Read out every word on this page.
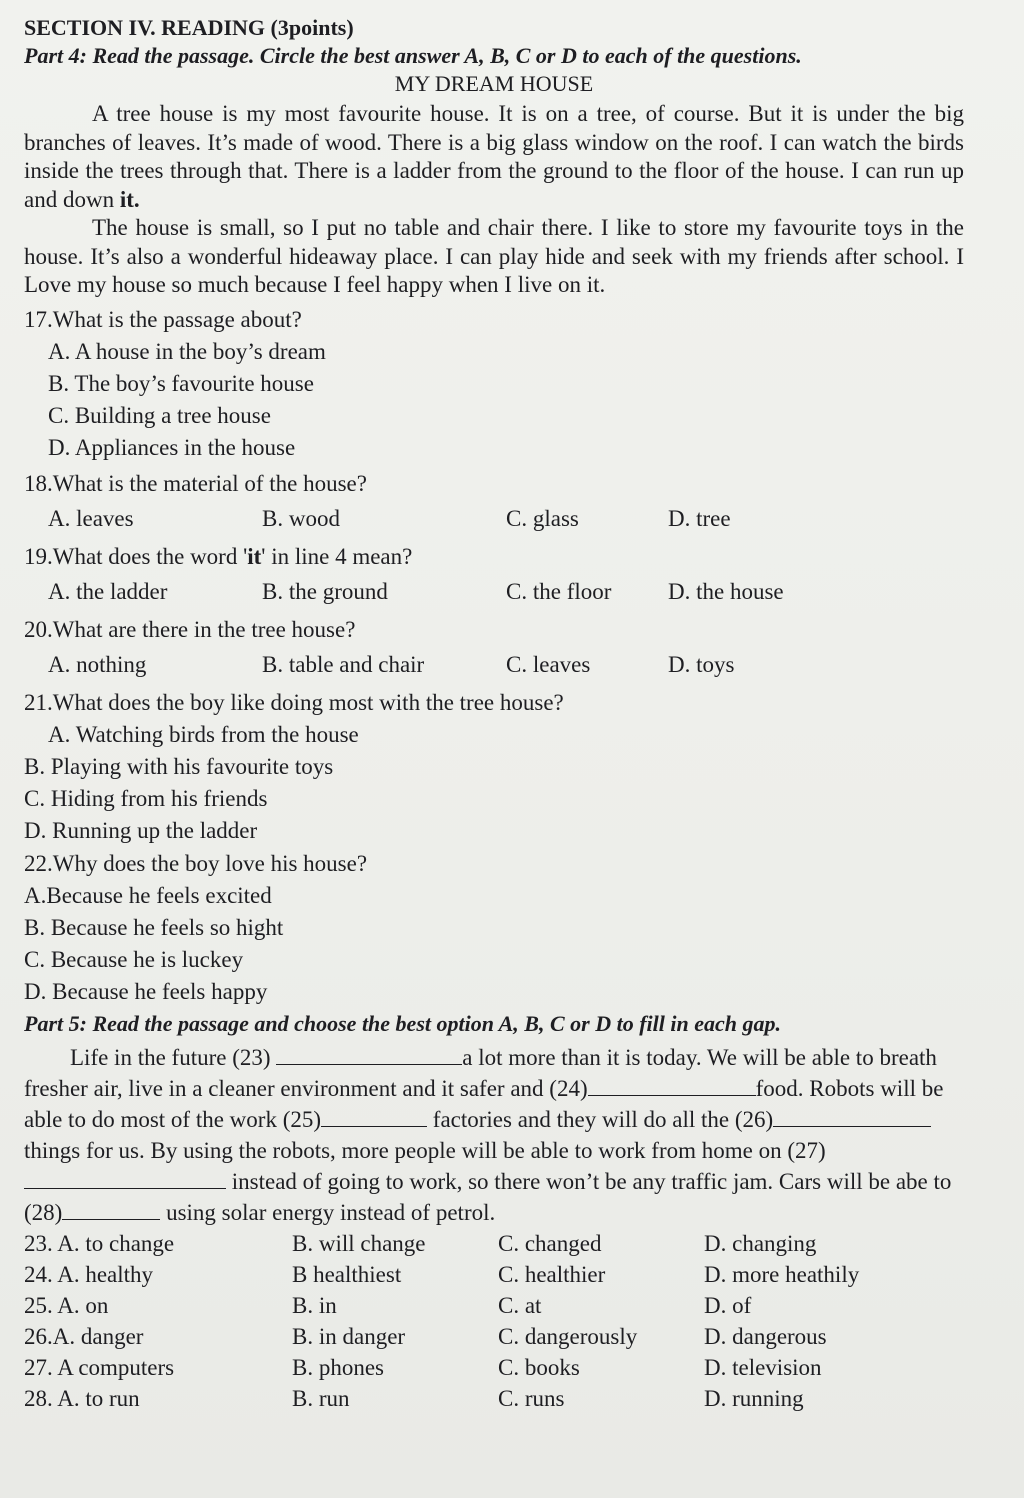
SECTION IV. READING (3points)

Part 4: Read the passage. Circle the best answer A, B, C or D to each of the questions.

MY DREAM HOUSE

A tree house is my most favourite house. It is on a tree, of course. But it is under the big branches of leaves. It’s made of wood. There is a big glass window on the roof. I can watch the birds inside the trees through that. There is a ladder from the ground to the floor of the house. I can run up and down it.

The house is small, so I put no table and chair there. I like to store my favourite toys in the house. It’s also a wonderful hideaway place. I can play hide and seek with my friends after school. I Love my house so much because I feel happy when I live on it.

17.What is the passage about?

A. A house in the boy’s dream
B. The boy’s favourite house
C. Building a tree house
D. Appliances in the house

18.What is the material of the house?

A. leaves	B. wood	C. glass	D. tree

19.What does the word 'it' in line 4 mean?

A. the ladder	B. the ground	C. the floor	D. the house

20.What are there in the tree house?

A. nothing	B. table and chair	C. leaves	D. toys

21.What does the boy like doing most with the tree house?

A. Watching birds from the house
B. Playing with his favourite toys
C. Hiding from his friends
D. Running up the ladder

22.Why does the boy love his house?

A.Because he feels excited
B. Because he feels so hight
C. Because he is luckey
D. Because he feels happy

Part 5: Read the passage and choose the best option A, B, C or D to fill in each gap.

Life in the future (23)	a lot more than it is today. We will be able to breath fresher air, live in a cleaner environment and it safer and (24)	food. Robots will be able to do most of the work (25)	factories and they will do all the (26) things for us. By using the robots, more people will be able to work from home on (27) instead of going to work, so there won’t be any traffic jam. Cars will be abe to (28)	using solar energy instead of petrol.

23. A. to change	B. will change	C. changed	D. changing
24. A. healthy	B healthiest	C. healthier	D. more heathily
25. A. on	B. in	C. at	D. of
26.A. danger	B. in danger	C. dangerously	D. dangerous
27. A computers	B. phones	C. books	D. television
28. A. to run	B. run	C. runs	D. running
